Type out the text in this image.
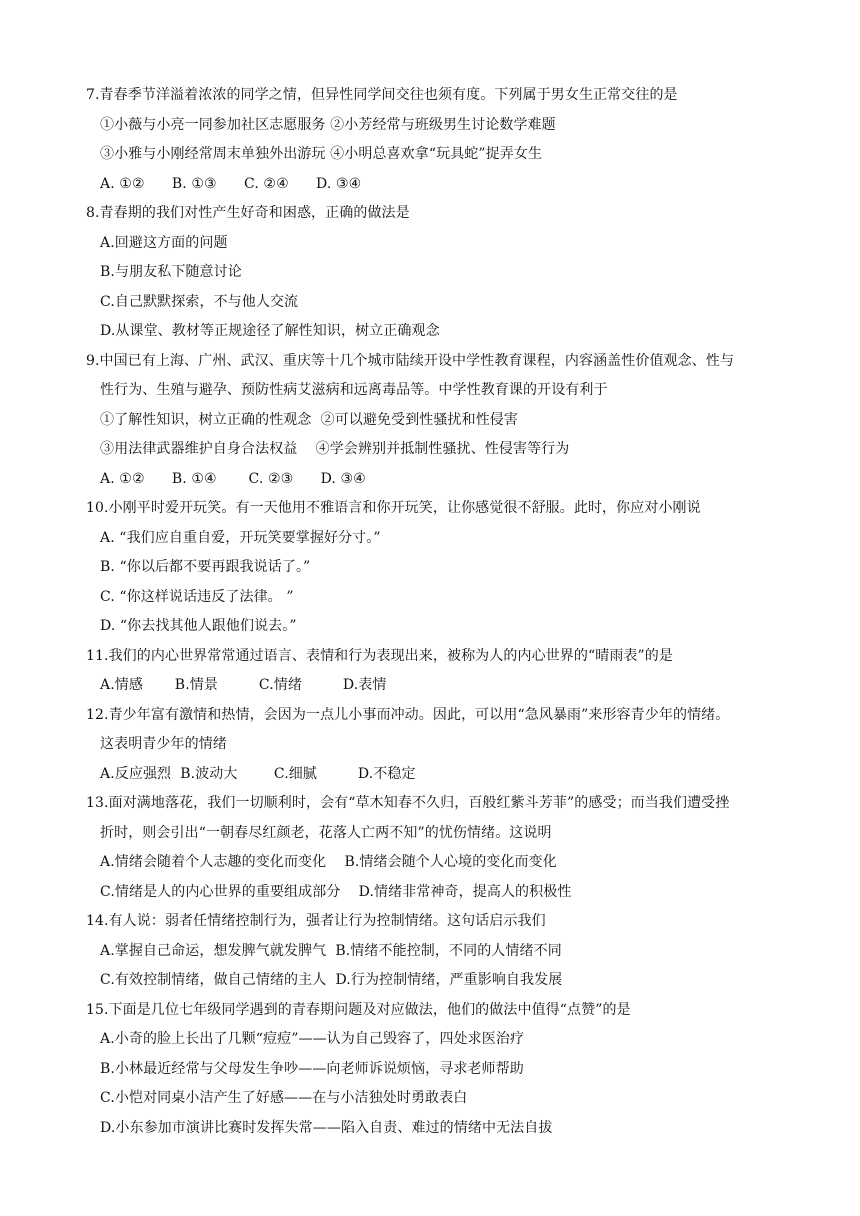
7.青春季节洋溢着浓浓的同学之情，但异性同学间交往也须有度。下列属于男女生正常交往的是
①小薇与小亮一同参加社区志愿服务 ②小芳经常与班级男生讨论数学难题
③小雅与小刚经常周末单独外出游玩 ④小明总喜欢拿“玩具蛇”捉弄女生
A. ①②      B. ①③      C. ②④      D. ③④
8.青春期的我们对性产生好奇和困惑，正确的做法是
A.回避这方面的问题
B.与朋友私下随意讨论
C.自己默默探索，不与他人交流
D.从课堂、教材等正规途径了解性知识，树立正确观念
9.中国已有上海、广州、武汉、重庆等十几个城市陆续开设中学性教育课程，内容涵盖性价值观念、性与
性行为、生殖与避孕、预防性病艾滋病和远离毒品等。中学性教育课的开设有利于
①了解性知识，树立正确的性观念  ②可以避免受到性骚扰和性侵害
③用法律武器维护自身合法权益    ④学会辨别并抵制性骚扰、性侵害等行为
A. ①②      B. ①④       C. ②③      D. ③④
10.小刚平时爱开玩笑。有一天他用不雅语言和你开玩笑，让你感觉很不舒服。此时，你应对小刚说
A. “我们应自重自爱，开玩笑要掌握好分寸。”
B. “你以后都不要再跟我说话了。”
C. “你这样说话违反了法律。 ”
D. “你去找其他人跟他们说去。”
11.我们的内心世界常常通过语言、表情和行为表现出来，被称为人的内心世界的“晴雨表”的是
A.情感       B.情景         C.情绪         D.表情
12.青少年富有激情和热情，会因为一点儿小事而冲动。因此，可以用“急风暴雨”来形容青少年的情绪。
这表明青少年的情绪
A.反应强烈  B.波动大        C.细腻         D.不稳定
13.面对满地落花，我们一切顺利时，会有“草木知春不久归，百般红紫斗芳菲”的感受；而当我们遭受挫
折时，则会引出“一朝春尽红颜老，花落人亡两不知”的忧伤情绪。这说明
A.情绪会随着个人志趣的变化而变化    B.情绪会随个人心境的变化而变化
C.情绪是人的内心世界的重要组成部分    D.情绪非常神奇，提高人的积极性
14.有人说：弱者任情绪控制行为，强者让行为控制情绪。这句话启示我们
A.掌握自己命运，想发脾气就发脾气  B.情绪不能控制，不同的人情绪不同
C.有效控制情绪，做自己情绪的主人  D.行为控制情绪，严重影响自我发展
15.下面是几位七年级同学遇到的青春期问题及对应做法，他们的做法中值得“点赞”的是
A.小奇的脸上长出了几颗“痘痘”——认为自己毁容了，四处求医治疗
B.小林最近经常与父母发生争吵——向老师诉说烦恼，寻求老师帮助
C.小恺对同桌小洁产生了好感——在与小洁独处时勇敢表白
D.小东参加市演讲比赛时发挥失常——陷入自责、难过的情绪中无法自拔
